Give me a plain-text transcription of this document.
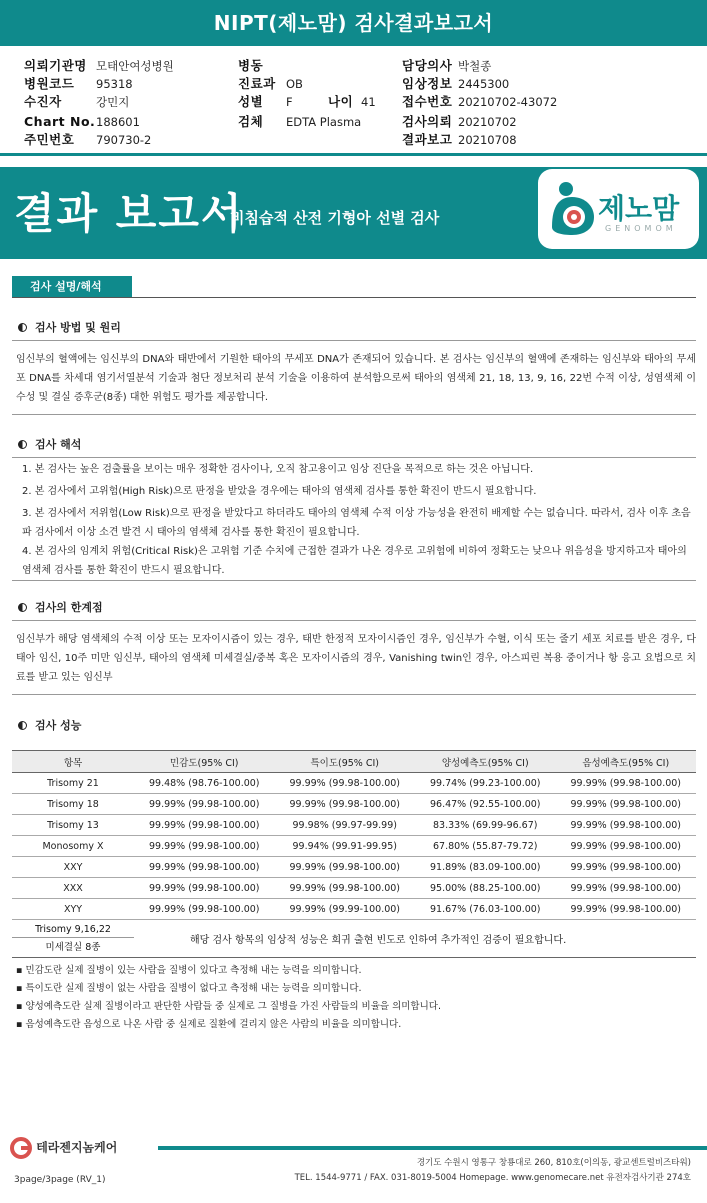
NIPT(제노맘) 검사결과보고서
의뢰기관명 모태안여성병원	병동	담당의사 박철종
병원코드 95318	진료과 OB	임상정보 2445300
수진자	강민지	성별 F	나이 41 접수번호 20210702-43072
Chart No. 188601	검체 EDTA Plasma	검사의뢰 20210702
주민번호 790730-2	결과보고 20210708
결과 보고서
비침습적 산전 기형아 선별 검사	제노맘
GENOMOM
검사 설명/해석
검사 방법 및 원리
임신부의 혈액에는 임신부의 DNA와 태반에서 기원한 태아의 무세포 DNA가 존재되어 있습니다. 본 검사는 임신부의 혈액에 존재하는 임신부와 태아의 무세포 DNA를 차세대 염기서열분석 기술과 첨단 정보처리 분석 기술을 이용하여 분석함으로써 태아의 염색체 21, 18, 13, 9, 16, 22번 수적 이상, 성염색체 이수성 및 결실 증후군(8종) 대한 위험도 평가를 제공합니다.
검사 해석
1. 본 검사는 높은 검출률을 보이는 매우 정확한 검사이나, 오직 참고용이고 임상 진단을 목적으로 하는 것은 아닙니다.
2. 본 검사에서 고위험(High Risk)으로 판정을 받았을 경우에는 태아의 염색체 검사를 통한 확진이 반드시 필요합니다.
3. 본 검사에서 저위험(Low Risk)으로 판정을 받았다고 하더라도 태아의 염색체 수적 이상 가능성을 완전히 배제할 수는 없습니다. 따라서, 검사 이후 초음파 검사에서 이상 소견 발견 시 태아의 염색체 검사를 통한 확진이 필요합니다.
4. 본 검사의 임계치 위험(Critical Risk)은 고위험 기준 수치에 근접한 결과가 나온 경우로 고위험에 비하여 정확도는 낮으나 위음성을 방지하고자 태아의 염색체 검사를 통한 확진이 반드시 필요합니다.
검사의 한계점
임신부가 해당 염색체의 수적 이상 또는 모자이시즘이 있는 경우, 태반 한정적 모자이시즘인 경우, 임신부가 수혈, 이식 또는 줄기 세포 치료를 받은 경우, 다태아 임신, 10주 미만 임신부, 태아의 염색체 미세결실/중복 혹은 모자이시즘의 경우, Vanishing twin인 경우, 아스피린 복용 중이거나 항 응고 요법으로 치료를 받고 있는 임신부
검사 성능
항목	민감도(95% CI)	특이도(95% CI)	양성예측도(95% CI)	음성예측도(95% CI)
Trisomy 21	99.48% (98.76-100.00)	99.99% (99.98-100.00)	99.74% (99.23-100.00)	99.99% (99.98-100.00)
Trisomy 18	99.99% (99.98-100.00)	99.99% (99.98-100.00)	96.47% (92.55-100.00)	99.99% (99.98-100.00)
Trisomy 13	99.99% (99.98-100.00)	99.98% (99.97-99.99)	83.33% (69.99-96.67)	99.99% (99.98-100.00)
Monosomy X	99.99% (99.98-100.00)	99.94% (99.91-99.95)	67.80% (55.87-79.72)	99.99% (99.98-100.00)
XXY	99.99% (99.98-100.00)	99.99% (99.98-100.00)	91.89% (83.09-100.00)	99.99% (99.98-100.00)
XXX	99.99% (99.98-100.00)	99.99% (99.98-100.00)	95.00% (88.25-100.00)	99.99% (99.98-100.00)
XYY	99.99% (99.98-100.00)	99.99% (99.99-100.00)	91.67% (76.03-100.00)	99.99% (99.98-100.00)
Trisomy 9,16,22
미세결실 8종
해당 검사 항목의 임상적 성능은 희귀 출현 빈도로 인하여 추가적인 검증이 필요합니다.
▪ 민감도란 실제 질병이 있는 사람을 질병이 있다고 측정해 내는 능력을 의미합니다.
▪ 특이도란 실제 질병이 없는 사람을 질병이 없다고 측정해 내는 능력을 의미합니다.
▪ 양성예측도란 실제 질병이라고 판단한 사람들 중 실제로 그 질병을 가진 사람들의 비율을 의미합니다.
▪ 음성예측도란 음성으로 나온 사람 중 실제로 질환에 걸리지 않은 사람의 비율을 의미합니다.
테라젠지놈케어
3page/3page (RV_1)
경기도 수원시 영통구 창룡대로 260, 810호(이의동, 광교센트럴비즈타워)
TEL. 1544-9771 / FAX. 031-8019-5004 Homepage. www.genomecare.net 유전자검사기관 274호
